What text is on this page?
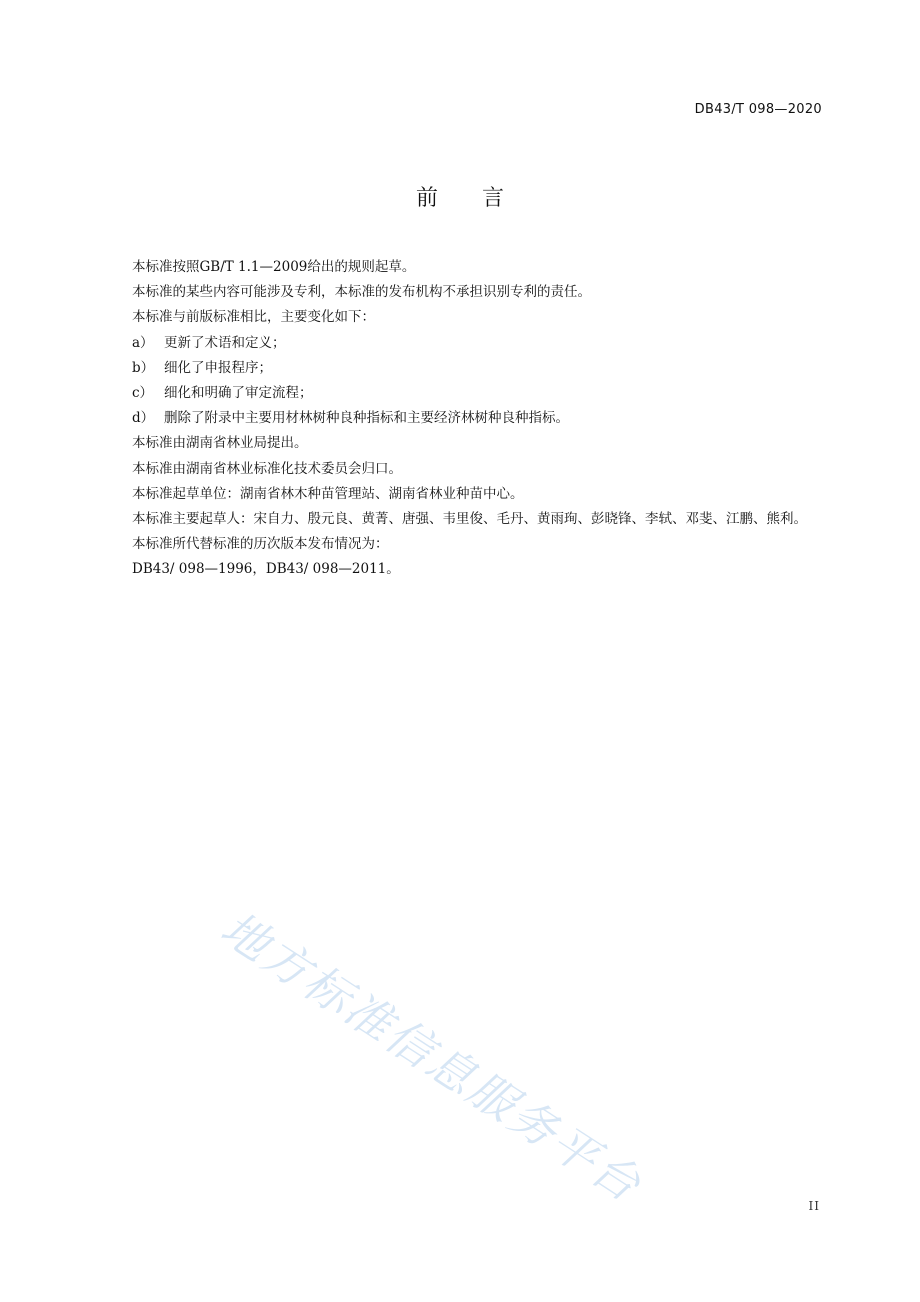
DB43/T 098—2020
前 言

本标准按照GB/T 1.1—2009给出的规则起草。

本标准的某些内容可能涉及专利，本标准的发布机构不承担识别专利的责任。

本标准与前版标准相比，主要变化如下：

a） 更新了术语和定义；

b） 细化了申报程序；

c） 细化和明确了审定流程；

d） 删除了附录中主要用材林树种良种指标和主要经济林树种良种指标。

本标准由湖南省林业局提出。

本标准由湖南省林业标准化技术委员会归口。

本标准起草单位：湖南省林木种苗管理站、湖南省林业种苗中心。

本标准主要起草人：宋自力、殷元良、黄菁、唐强、韦里俊、毛丹、黄雨珣、彭晓锋、李轼、邓斐、江鹏、熊利。

本标准所代替标准的历次版本发布情况为：

DB43/ 098—1996，DB43/ 098—2011。

地方标准信息服务平台	II
